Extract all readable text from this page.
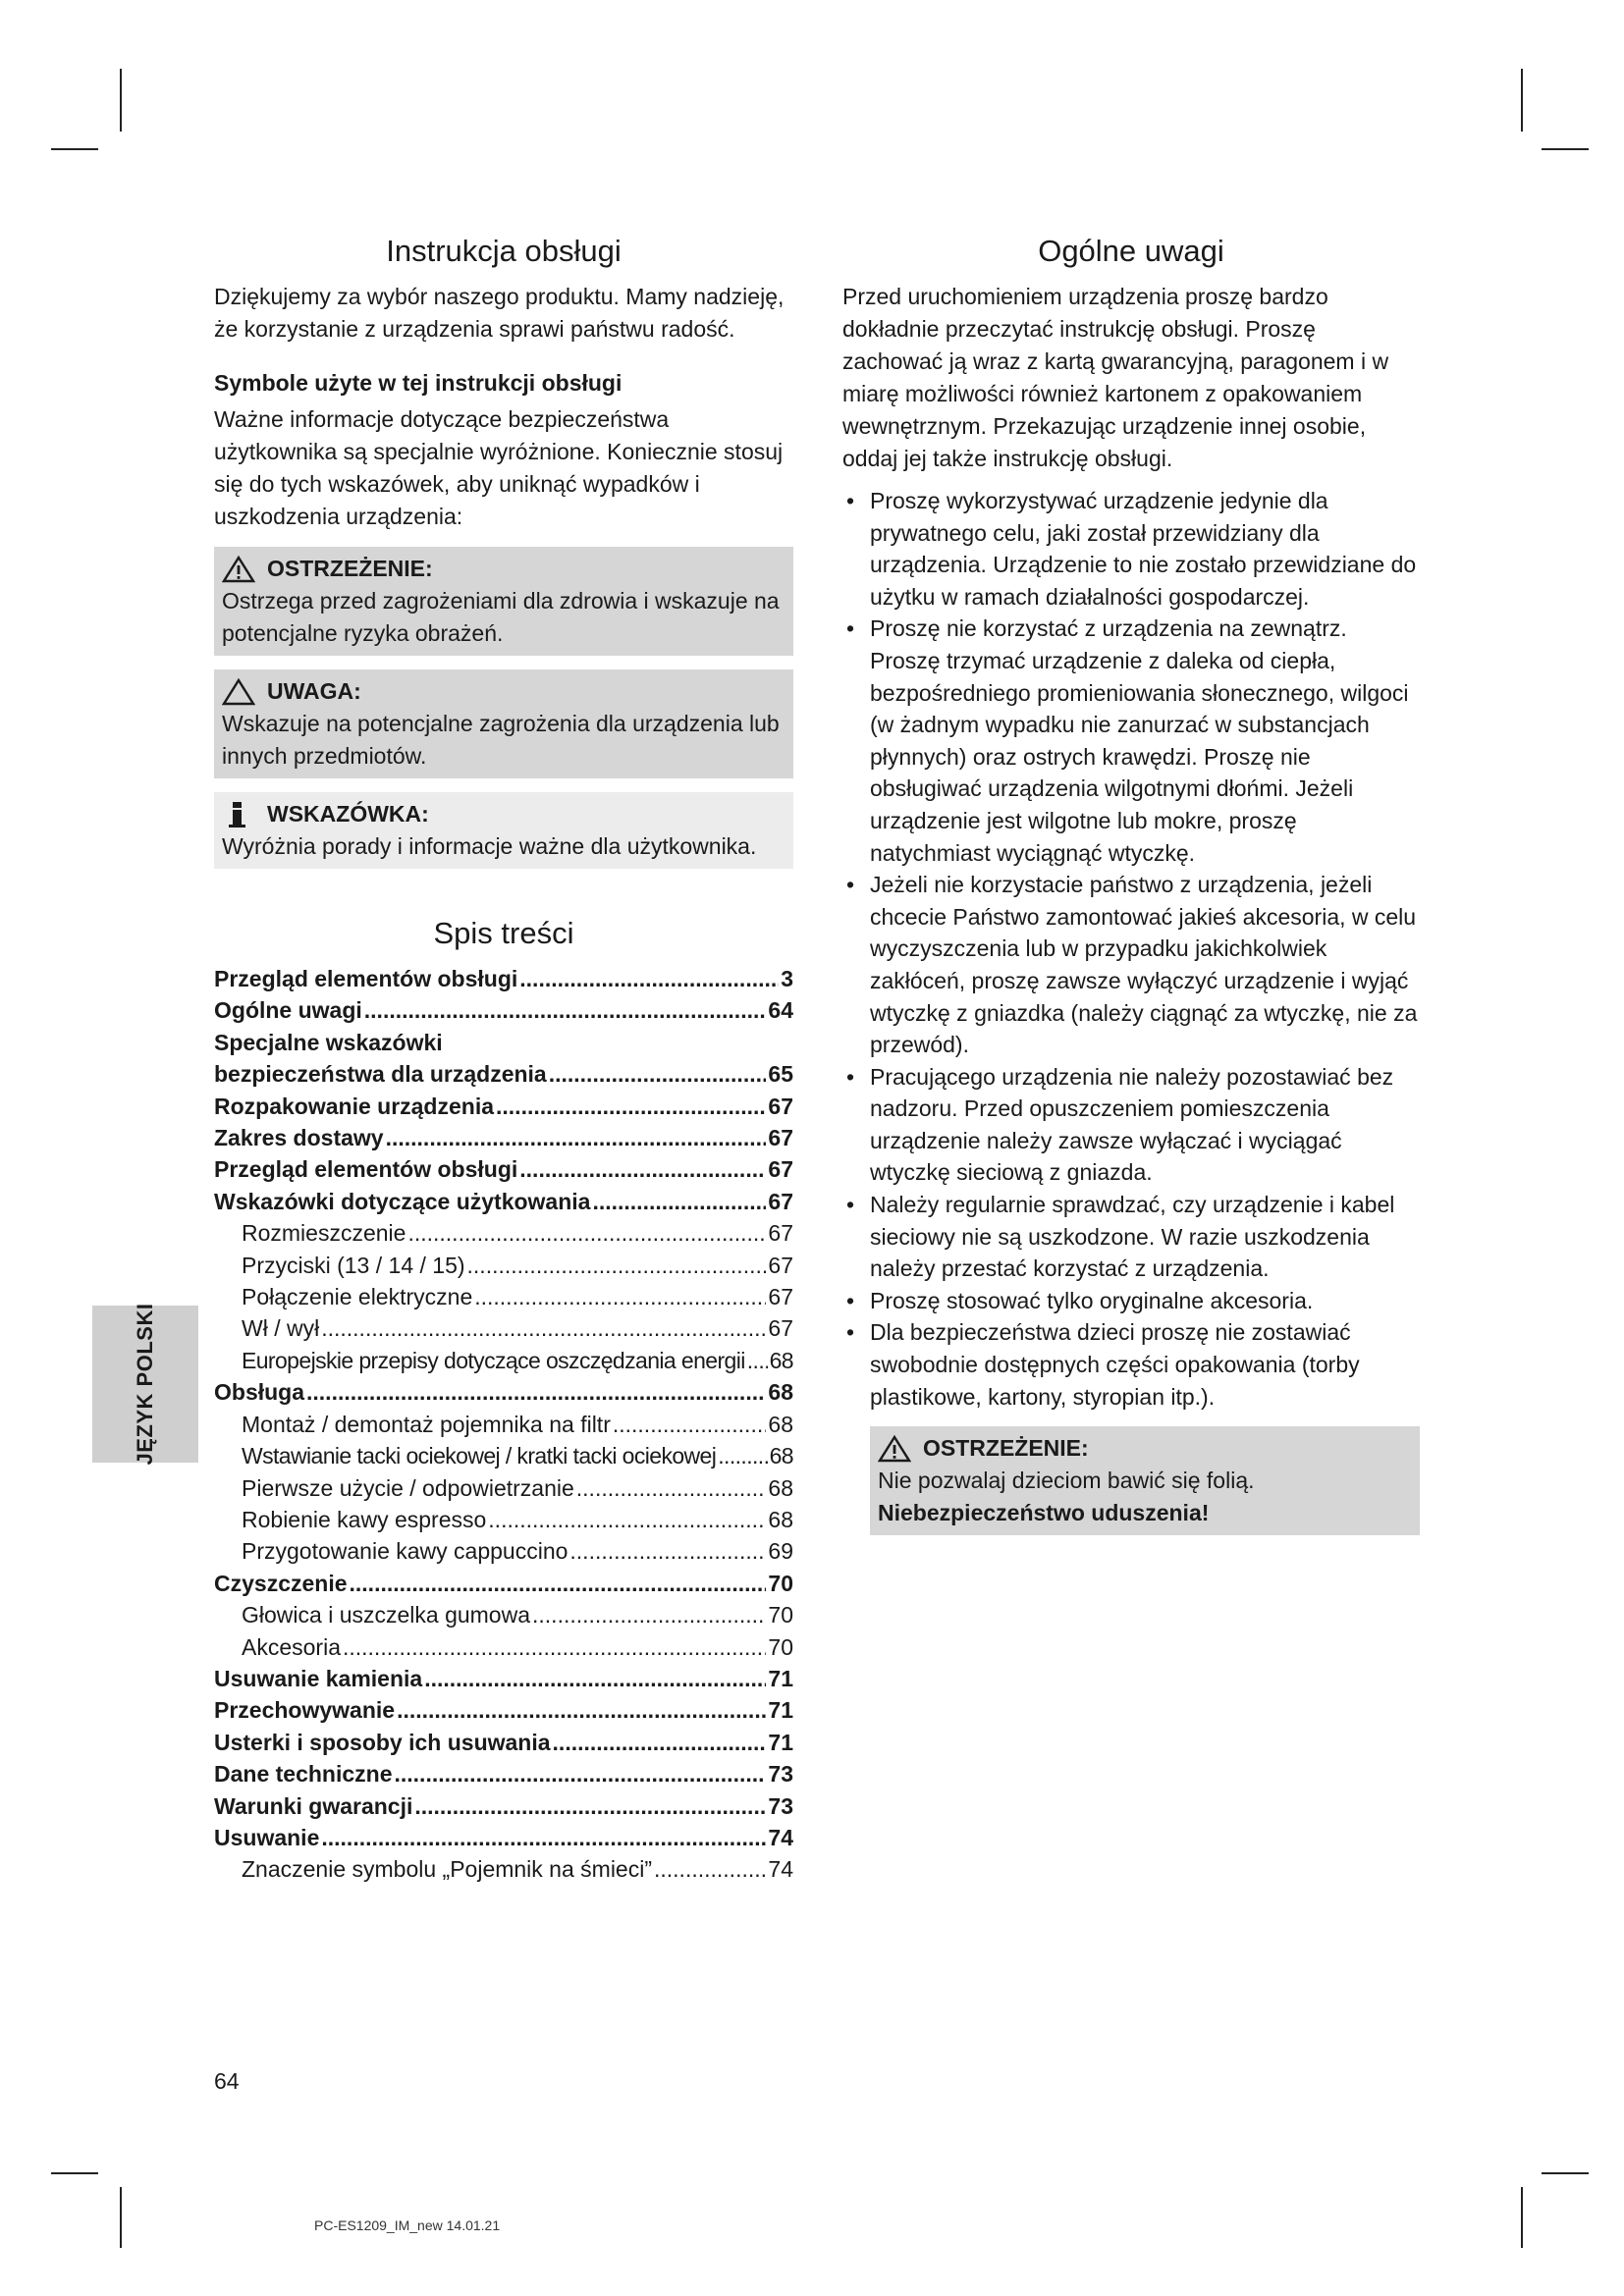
JĘZYK POLSKI
Instrukcja obsługi

Dziękujemy za wybór naszego produktu. Mamy nadzieję, że korzystanie z urządzenia sprawi państwu radość.

Symbole użyte w tej instrukcji obsługi

Ważne informacje dotyczące bezpieczeństwa użytkownika są specjalnie wyróżnione. Koniecznie stosuj się do tych wskazówek, aby uniknąć wypadków i uszkodzenia urządzenia:

OSTRZEŻENIE:
Ostrzega przed zagrożeniami dla zdrowia i wskazuje na potencjalne ryzyka obrażeń.
UWAGA:
Wskazuje na potencjalne zagrożenia dla urządzenia lub innych przedmiotów.
WSKAZÓWKA:
Wyróżnia porady i informacje ważne dla użytkownika.
Spis treści
Przegląd elementów obsługi .....	3
Ogólne uwagi .....	64
Specjalne wskazówki
bezpieczeństwa dla urządzenia .....	65
Rozpakowanie urządzenia .....	67
Zakres dostawy .....	67
Przegląd elementów obsługi .....	67
Wskazówki dotyczące użytkowania .....	67
Rozmieszczenie .....	67
Przyciski (13 / 14 / 15) .....	67
Połączenie elektryczne .....	67
Wł / wył .....	67
Europejskie przepisy dotyczące oszczędzania energii ..... 68
Obsługa .....	68
Montaż / demontaż pojemnika na filtr .....	68
Wstawianie tacki ociekowej / kratki tacki ociekowej ..... 68
Pierwsze użycie / odpowietrzanie .....	68
Robienie kawy espresso .....	68
Przygotowanie kawy cappuccino .....	69
Czyszczenie .....	70
Głowica i uszczelka gumowa .....	70
Akcesoria .....	70
Usuwanie kamienia .....	71
Przechowywanie .....	71
Usterki i sposoby ich usuwania .....	71
Dane techniczne .....	73
Warunki gwarancji .....	73
Usuwanie .....	74
Znaczenie symbolu „Pojemnik na śmieci” .....	74
Ogólne uwagi

Przed uruchomieniem urządzenia proszę bardzo dokładnie przeczytać instrukcję obsługi. Proszę zachować ją wraz z kartą gwarancyjną, paragonem i w miarę możliwości również kartonem z opakowaniem wewnętrznym. Przekazując urządzenie innej osobie, oddaj jej także instrukcję obsługi.

• Proszę wykorzystywać urządzenie jedynie dla prywatnego celu, jaki został przewidziany dla urządzenia. Urządzenie to nie zostało przewidziane do użytku w ramach działalności gospodarczej.
• Proszę nie korzystać z urządzenia na zewnątrz. Proszę trzymać urządzenie z daleka od ciepła, bezpośredniego promieniowania słonecznego, wilgoci (w żadnym wypadku nie zanurzać w substancjach płynnych) oraz ostrych krawędzi. Proszę nie obsługiwać urządzenia wilgotnymi dłońmi. Jeżeli urządzenie jest wilgotne lub mokre, proszę natychmiast wyciągnąć wtyczkę.
• Jeżeli nie korzystacie państwo z urządzenia, jeżeli chcecie Państwo zamontować jakieś akcesoria, w celu wyczyszczenia lub w przypadku jakichkolwiek zakłóceń, proszę zawsze wyłączyć urządzenie i wyjąć wtyczkę z gniazdka (należy ciągnąć za wtyczkę, nie za przewód).
• Pracującego urządzenia nie należy pozostawiać bez nadzoru. Przed opuszczeniem pomieszczenia urządzenie należy zawsze wyłączać i wyciągać wtyczkę sieciową z gniazda.
• Należy regularnie sprawdzać, czy urządzenie i kabel sieciowy nie są uszkodzone. W razie uszkodzenia należy przestać korzystać z urządzenia.
• Proszę stosować tylko oryginalne akcesoria.
• Dla bezpieczeństwa dzieci proszę nie zostawiać swobodnie dostępnych części opakowania (torby plastikowe, kartony, styropian itp.).
OSTRZEŻENIE:
Nie pozwalaj dzieciom bawić się folią. Niebezpieczeństwo uduszenia!
64
PC-ES1209_IM_new 14.01.21
